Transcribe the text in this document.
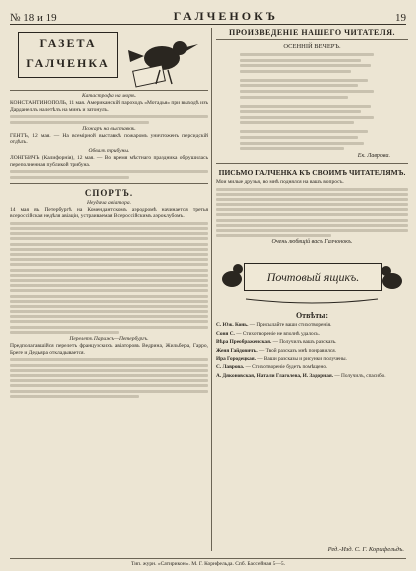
№ 18 и 19	ГАЛЧЕНОКЪ	19
ГАЗЕТА
ГАЛЧЕНКА
Катастрофа на морѣ.
КОНСТАНТИНОПОЛЬ, 11 мая. Американскій пароходъ «Мотадья» при выходѣ изъ Дарданеллъ налетѣлъ на минъ и затонулъ.
Пожаръ на выставкѣ.
ГЕНТЪ, 12 мая. — На всемірной выставкѣ пожаромъ уничтоженъ персидскій отдѣлъ.
Обвалъ трибуны.
ЛОНГБИЧЪ (Калифорнія), 12 мая. — Во время мѣстнаго праздника обрушилась переполненная публикой трибуна.
СПОРТЪ.
Неудача авіатора.
14 мая въ Петербургѣ на Комендантскомъ аэродромѣ начинается третья всероссійская недѣля авіаціи, устраиваемая Всероссійскимъ аэроклубомъ.
Перелетъ Парижъ—Петербургъ.
Предполагавшійся перелетъ французскихъ авіаторовъ Ведрина, Жильбера, Гарро, Бреге и Дедьяра откладывается.
ПРОИЗВЕДЕНІЕ НАШЕГО ЧИТАТЕЛЯ.
ОСЕННІЙ ВЕЧЕРЪ.
Ек. Лаврова.
ПИСЬМО ГАЛЧЕНКА КЪ СВОИМЪ ЧИТАТЕЛЯМЪ.
Мои милые друзья, во мнѣ поднялся на вашъ вопросъ.
Очень любящій васъ Галчонокъ.
Почтовый ящикъ.
Отвѣты:
С. Юж. Конь. — Присылайте ваши стихотворенія.
Соня С. — Стихотвореніе не вполнѣ удалось.
Вѣра Преображенская. — Получилъ вашъ разсказъ.
Женя Гайдовичъ. — Твой разсказъ мнѣ понравился.
Ира Городецкая. — Ваши разсказы и рисунки получены.
С. Лаврова. — Стихотвореніе будетъ помѣщено.
А. Дяконовская, Натали Глаголева, И. Задорная. — Получилъ, спасибо.
Ред.-Изд. С. Г. Корифельдъ.
Тип. журн. «Сатирикон». М. Г. Корнфельда. Спб. Бассейная 5—5.
